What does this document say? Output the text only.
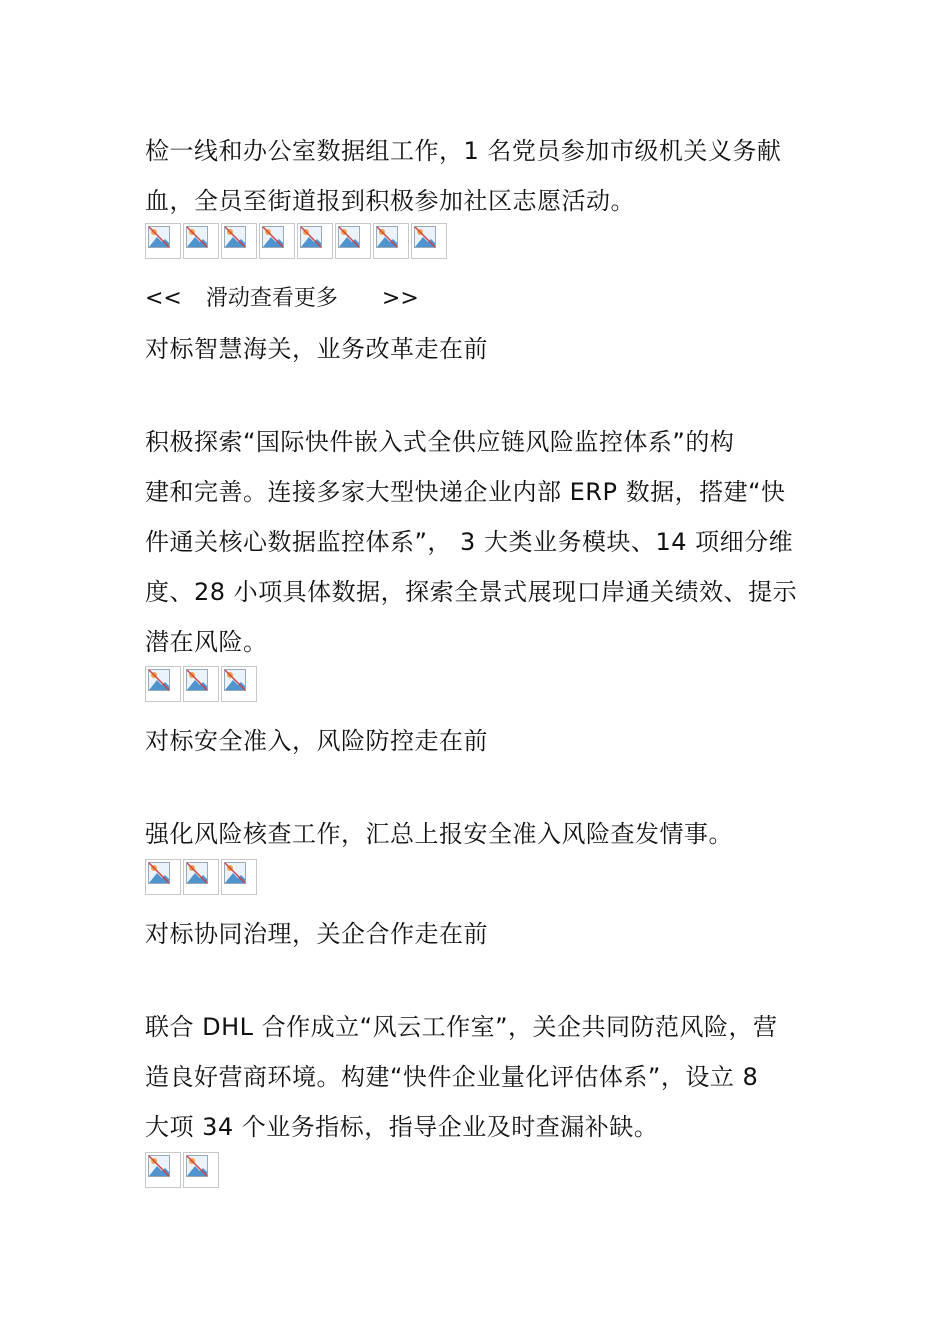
检一线和办公室数据组工作，1 名党员参加市级机关义务献
血，全员至街道报到积极参加社区志愿活动。

<< 滑动查看更多 >>
对标智慧海关，业务改革走在前

积极探索“国际快件嵌入式全供应链风险监控体系”的构
建和完善。连接多家大型快递企业内部 ERP 数据，搭建“快
件通关核心数据监控体系”， 3 大类业务模块、14 项细分维
度、28 小项具体数据，探索全景式展现口岸通关绩效、提示
潜在风险。

对标安全准入，风险防控走在前

强化风险核查工作，汇总上报安全准入风险查发情事。

对标协同治理，关企合作走在前

联合 DHL 合作成立“风云工作室”，关企共同防范风险，营
造良好营商环境。构建“快件企业量化评估体系”，设立 8
大项 34 个业务指标，指导企业及时查漏补缺。
